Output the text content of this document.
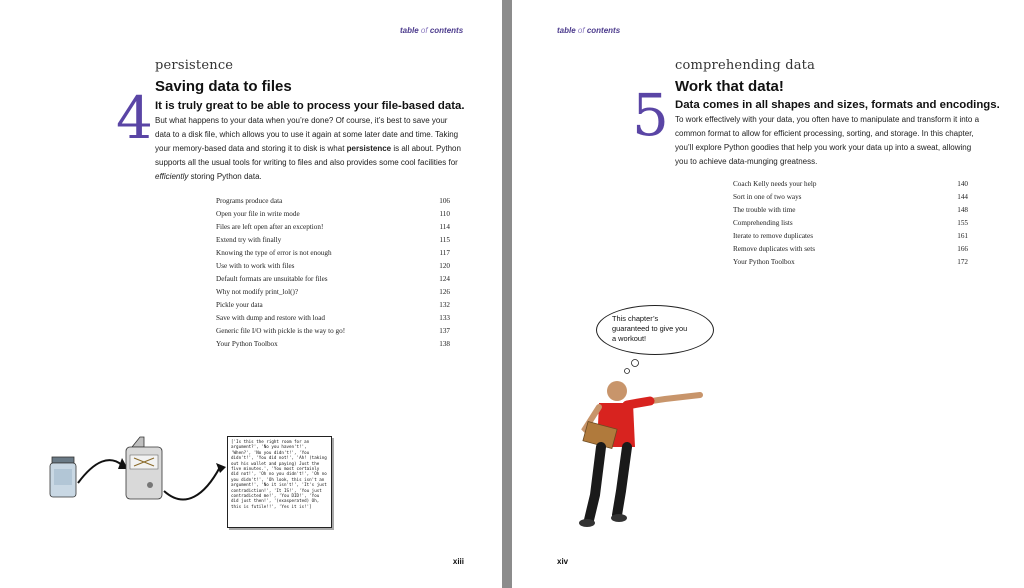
table of contents
persistence
4 Saving data to files
It is truly great to be able to process your file-based data.
But what happens to your data when you’re done? Of course, it’s best to save your
data to a disk file, which allows you to use it again at some later date and time. Taking
your memory-based data and storing it to disk is what persistence is all about. Python
supports all the usual tools for writing to files and also provides some cool facilities for
efficiently storing Python data.
Programs produce data	106
Open your file in write mode	110
Files are left open after an exception!	114
Extend try with finally	115
Knowing the type of error is not enough	117
Use with to work with files	120
Default formats are unsuitable for files	124
Why not modify print_lol()?	126
Pickle your data	132
Save with dump and restore with load	133
Generic file I/O with pickle is the way to go!	137
Your Python Toolbox	138
['Is this the right room for an argument?', 'No you haven't!', 'When?', 'No you didn't!', 'You didn't!', 'You did not!', 'Ah! (taking out his wallet and paying) Just the five minutes.', 'You most certainly did not!', 'Oh no you didn't!', 'Oh no you didn't!', 'Oh look, this isn't an argument!', 'No it isn't!', 'It's just contradiction!', 'It IS!', 'You just contradicted me!', 'You DID!', 'You did just then!', '(exasperated) Oh, this is futile!!', 'Yes it is!']
xiii
table of contents
comprehending data
5 Work that data!
Data comes in all shapes and sizes, formats and encodings.
To work effectively with your data, you often have to manipulate and transform it into a
common format to allow for efficient processing, sorting, and storage. In this chapter,
you’ll explore Python goodies that help you work your data up into a sweat, allowing
you to achieve data-munging greatness.
Coach Kelly needs your help	140
Sort in one of two ways	144
The trouble with time	148
Comprehending lists	155
Iterate to remove duplicates	161
Remove duplicates with sets	166
Your Python Toolbox	172
xiv
This chapter’s
guaranteed to give you
a workout!
